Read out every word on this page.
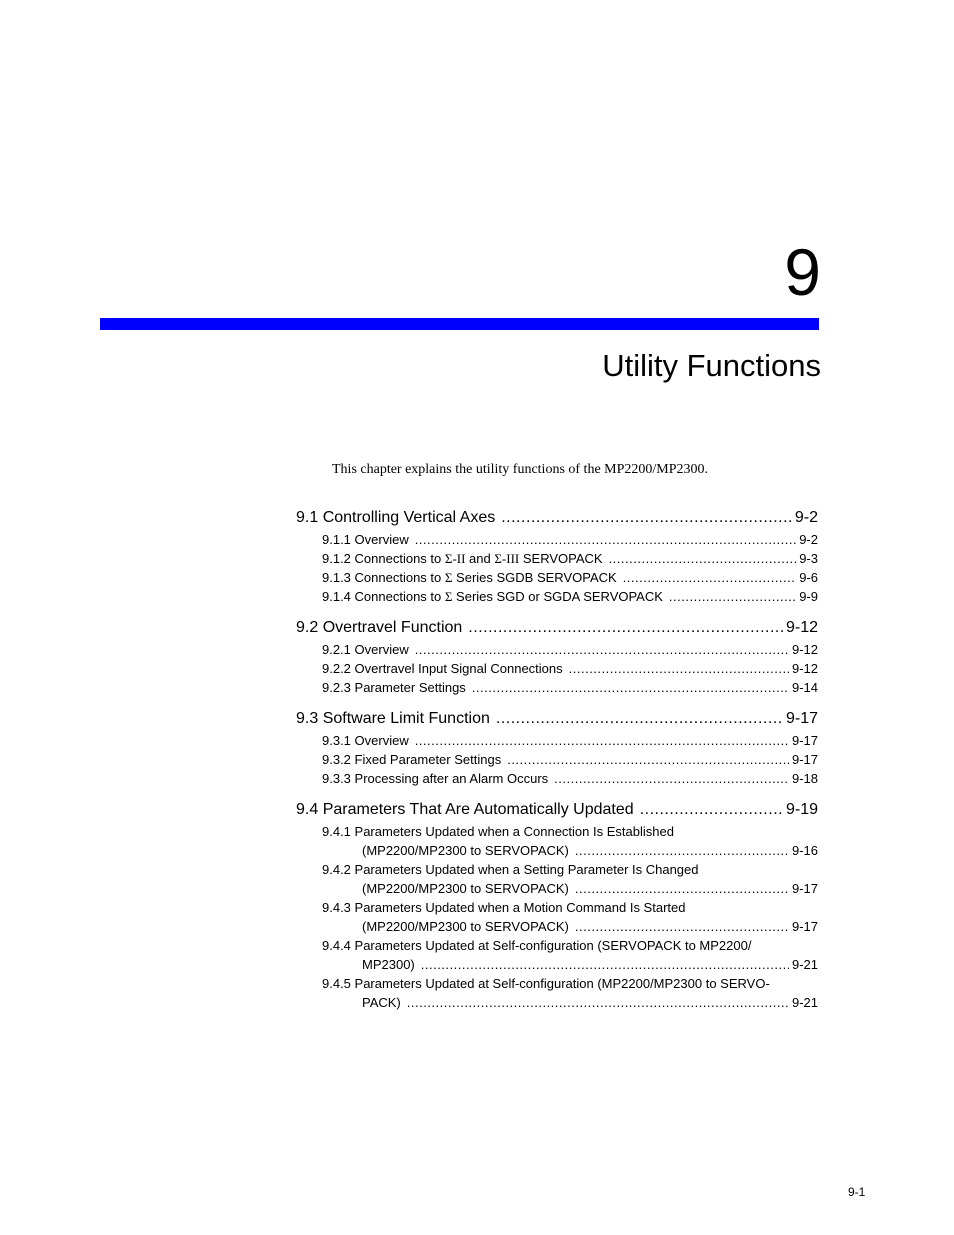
9
Utility Functions
This chapter explains the utility functions of the MP2200/MP2300.
9.1 Controlling Vertical Axes .....	9-2
9.1.1 Overview .....	9-2
9.1.2 Connections to Σ-II and Σ-III SERVOPACK .....	9-3
9.1.3 Connections to Σ Series SGDB SERVOPACK .....	9-6
9.1.4 Connections to Σ Series SGD or SGDA SERVOPACK .....	9-9
9.2 Overtravel Function .....	9-12
9.2.1 Overview .....	9-12
9.2.2 Overtravel Input Signal Connections .....	9-12
9.2.3 Parameter Settings .....	9-14
9.3 Software Limit Function .....	9-17
9.3.1 Overview .....	9-17
9.3.2 Fixed Parameter Settings .....	9-17
9.3.3 Processing after an Alarm Occurs .....	9-18
9.4 Parameters That Are Automatically Updated .....	9-19
9.4.1 Parameters Updated when a Connection Is Established
(MP2200/MP2300 to SERVOPACK) .....	9-16
9.4.2 Parameters Updated when a Setting Parameter Is Changed
(MP2200/MP2300 to SERVOPACK) .....	9-17
9.4.3 Parameters Updated when a Motion Command Is Started
(MP2200/MP2300 to SERVOPACK) .....	9-17
9.4.4 Parameters Updated at Self-configuration (SERVOPACK to MP2200/
MP2300) .....	9-21
9.4.5 Parameters Updated at Self-configuration (MP2200/MP2300 to SERVO-
PACK) .....	9-21
9-1
